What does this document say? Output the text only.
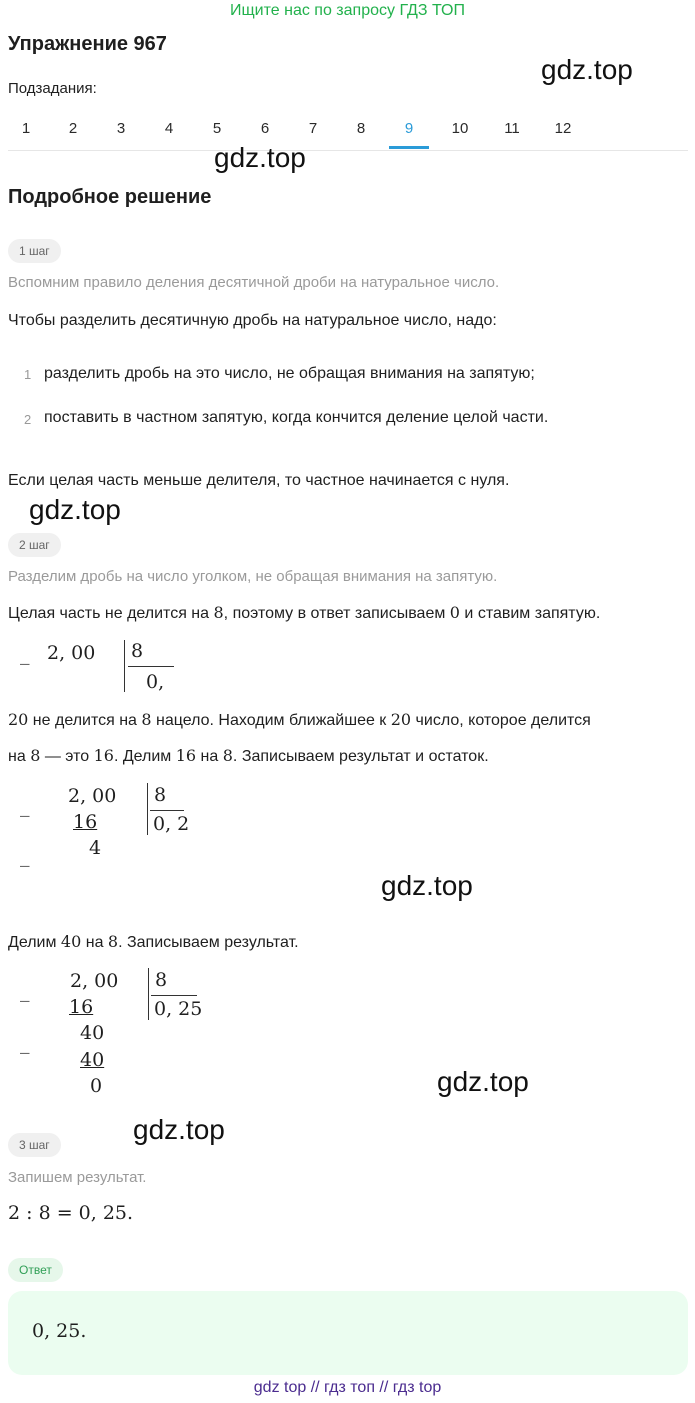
Ищите нас по запросу ГДЗ ТОП
Упражнение 967
Подзадания:
1	2	3	4	5	6	7	8	9	10	11	12
Подробное решение
1 шаг
Вспомним правило деления десятичной дроби на натуральное число.
Чтобы разделить десятичную дробь на натуральное число, надо:
1 разделить дробь на это число, не обращая внимания на запятую;
2 поставить в частном запятую, когда кончится деление целой части.
Если целая часть меньше делителя, то частное начинается с нуля.
2 шаг
Разделим дробь на число уголком, не обращая внимания на запятую.
Целая часть не делится на 8, поэтому в ответ записываем 0 и ставим запятую.
_ 2, 00 8
0,
20 не делится на 8 нацело. Находим ближайшее к 20 число, которое делится
на 8 — это 16. Делим 16 на 8. Записываем результат и остаток.
_ 2, 00
16
_	4
8
0, 2
Делим 40 на 8. Записываем результат.
_ 2, 00
16
40
_
40
0
8
0, 25
3 шаг
Запишем результат.
2 : 8 = 0, 25.
Ответ
0, 25.
gdz.top
gdz.top
gdz.top
gdz.top
gdz.top
gdz.top
gdz top // гдз топ // гдз top
